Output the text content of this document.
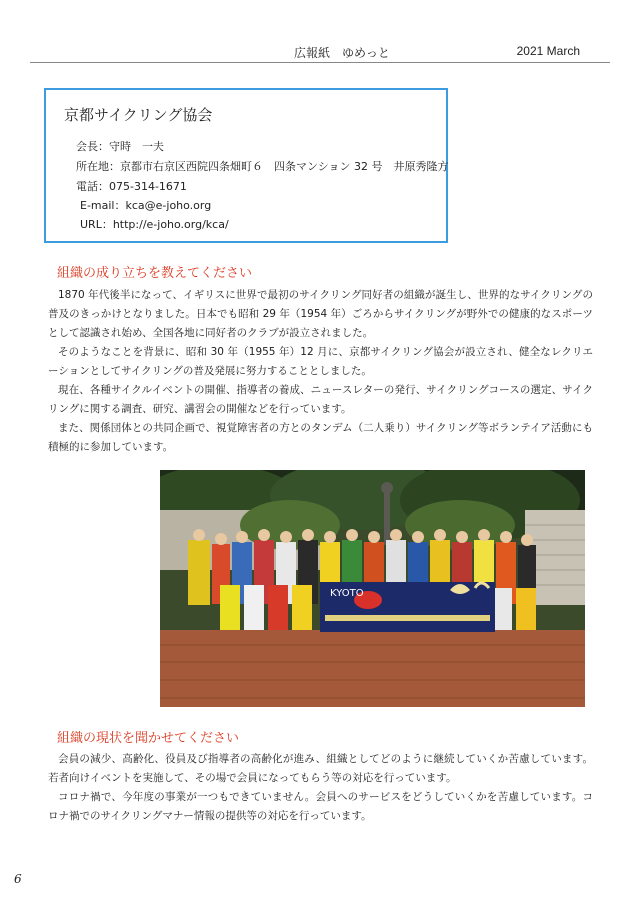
広報紙　ゆめっと	2021 March
京都サイクリング協会
会長：守時　一夫
所在地：京都市右京区西院四条畑町６　四条マンション 32 号　井原秀隆方
電話：075-314-1671
E-mail：kca@e-joho.org
URL：http://e-joho.org/kca/
組織の成り立ちを教えてください

1870 年代後半になって、イギリスに世界で最初のサイクリング同好者の組織が誕生し、世界的なサイクリングの普及のきっかけとなりました。日本でも昭和 29 年（1954 年）ごろからサイクリングが野外での健康的なスポーツとして認識され始め、全国各地に同好者のクラブが設立されました。

そのようなことを背景に、昭和 30 年（1955 年）12 月に、京都サイクリング協会が設立され、健全なレクリエーションとしてサイクリングの普及発展に努力することとしました。

現在、各種サイクルイベントの開催、指導者の養成、ニュースレターの発行、サイクリングコースの選定、サイクリングに関する調査、研究、講習会の開催などを行っています。

また、関係団体との共同企画で、視覚障害者の方とのタンデム（二人乗り）サイクリング等ボランテイア活動にも積極的に参加しています。

KYOTO
組織の現状を聞かせてください

会員の減少、高齢化、役員及び指導者の高齢化が進み、組織としてどのように継続していくか苦慮しています。若者向けイベントを実施して、その場で会員になってもらう等の対応を行っています。

コロナ禍で、今年度の事業が一つもできていません。会員へのサービスをどうしていくかを苦慮しています。コロナ禍でのサイクリングマナー情報の提供等の対応を行っています。

6
